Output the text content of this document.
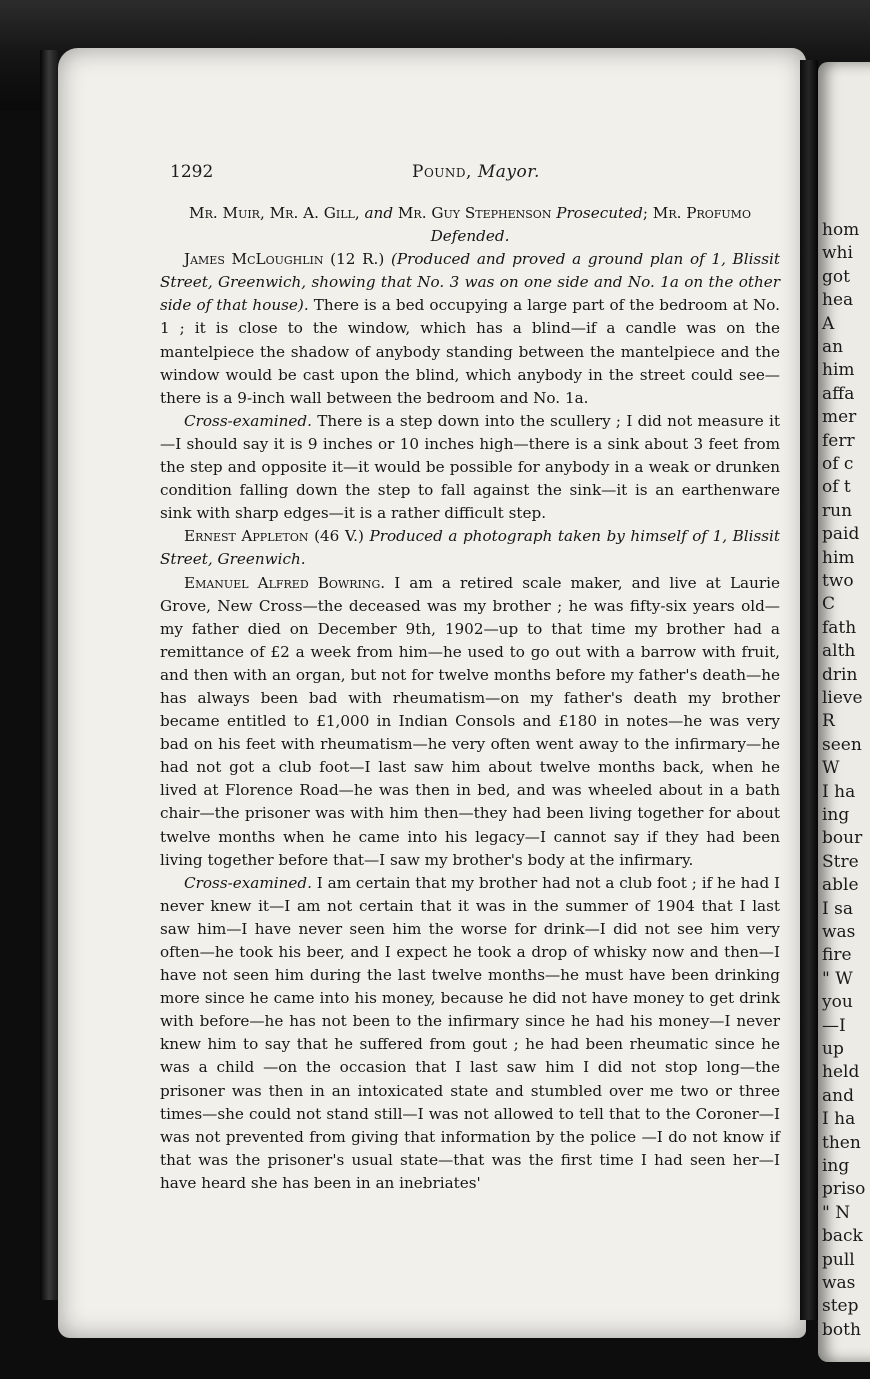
hom
whi
got
hea
A
an
him
affa
mer
ferr
of c
of t
run
paid
him
two
C
fath
alth
drin
lieve
R
seen
W
I ha
ing
bour
Stre
able
I sa
was
fire
" W
you
—I
up
held
and
I ha
then
ing
priso
" N
back
pull
was
step
both
1292	Pound, Mayor.

Mr. Muir, Mr. A. Gill, and Mr. Guy Stephenson Prosecuted; Mr. Profumo Defended.

James McLoughlin (12 R.) (Produced and proved a ground plan of 1, Blissit Street, Greenwich, showing that No. 3 was on one side and No. 1a on the other side of that house). There is a bed occupying a large part of the bedroom at No. 1 ; it is close to the window, which has a blind—if a candle was on the mantelpiece the shadow of anybody standing between the mantelpiece and the window would be cast upon the blind, which anybody in the street could see—there is a 9-inch wall between the bedroom and No. 1a.

Cross-examined. There is a step down into the scullery ; I did not measure it—I should say it is 9 inches or 10 inches high—there is a sink about 3 feet from the step and opposite it—it would be possible for anybody in a weak or drunken condition falling down the step to fall against the sink—it is an earthenware sink with sharp edges—it is a rather difficult step.

Ernest Appleton (46 V.) Produced a photograph taken by himself of 1, Blissit Street, Greenwich.

Emanuel Alfred Bowring. I am a retired scale maker, and live at Laurie Grove, New Cross—the deceased was my brother ; he was fifty-six years old—my father died on December 9th, 1902—up to that time my brother had a remittance of £2 a week from him—he used to go out with a barrow with fruit, and then with an organ, but not for twelve months before my father's death—he has always been bad with rheumatism—on my father's death my brother became entitled to £1,000 in Indian Consols and £180 in notes—he was very bad on his feet with rheumatism—he very often went away to the infirmary—he had not got a club foot—I last saw him about twelve months back, when he lived at Florence Road—he was then in bed, and was wheeled about in a bath chair—the prisoner was with him then—they had been living together for about twelve months when he came into his legacy—I cannot say if they had been living together before that—I saw my brother's body at the infirmary.

Cross-examined. I am certain that my brother had not a club foot ; if he had I never knew it—I am not certain that it was in the summer of 1904 that I last saw him—I have never seen him the worse for drink—I did not see him very often—he took his beer, and I expect he took a drop of whisky now and then—I have not seen him during the last twelve months—he must have been drinking more since he came into his money, because he did not have money to get drink with before—he has not been to the infirmary since he had his money—I never knew him to say that he suffered from gout ; he had been rheumatic since he was a child —on the occasion that I last saw him I did not stop long—the prisoner was then in an intoxicated state and stumbled over me two or three times—she could not stand still—I was not allowed to tell that to the Coroner—I was not prevented from giving that information by the police —I do not know if that was the prisoner's usual state—that was the first time I had seen her—I have heard she has been in an inebriates'
